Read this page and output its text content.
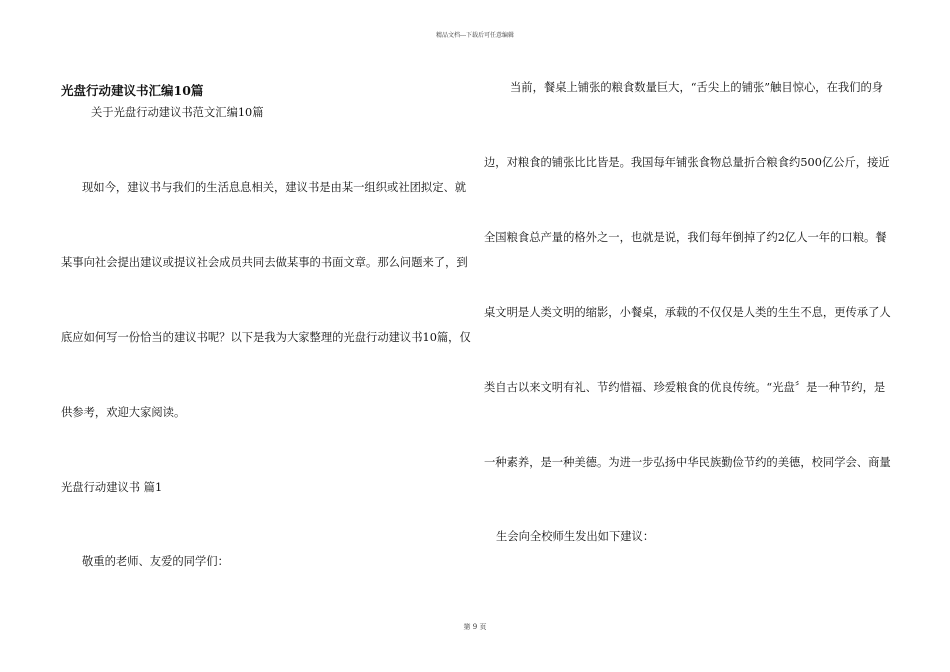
精品文档---下载后可任意编辑
光盘行动建议书汇编10篇
关于光盘行动建议书范文汇编10篇
现如今，建议书与我们的生活息息相关，建议书是由某一组织或社团拟定、就
某事向社会提出建议或提议社会成员共同去做某事的书面文章。那么问题来了，到
底应如何写一份恰当的建议书呢？以下是我为大家整理的光盘行动建议书10篇，仅
供参考，欢迎大家阅读。
光盘行动建议书 篇1
敬重的老师、友爱的同学们：
当前，餐桌上铺张的粮食数量巨大，“舌尖上的铺张”触目惊心，在我们的身
边，对粮食的铺张比比皆是。我国每年铺张食物总量折合粮食约500亿公斤，接近
全国粮食总产量的格外之一，也就是说，我们每年倒掉了约2亿人一年的口粮。餐
桌文明是人类文明的缩影，小餐桌，承载的不仅仅是人类的生生不息，更传承了人
类自古以来文明有礼、节约惜福、珍爱粮食的优良传统。“光盘〞是一种节约，是
一种素养，是一种美德。为进一步弘扬中华民族勤俭节约的美德，校同学会、商量
生会向全校师生发出如下建议：
第 9 页
